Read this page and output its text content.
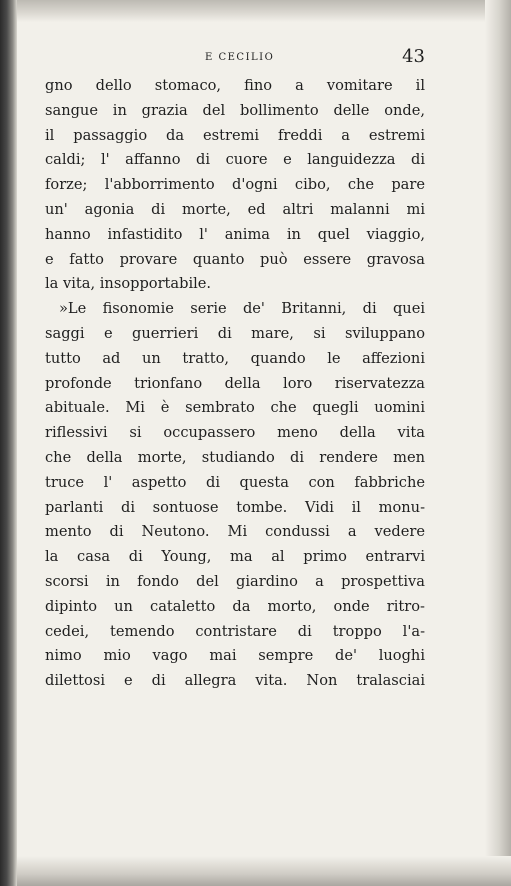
E CECILIO	43
gno dello stomaco, fino a vomitare il
sangue in grazia del bollimento delle onde,
il passaggio da estremi freddi a estremi
caldi; l' affanno di cuore e languidezza di
forze; l'abborrimento d'ogni cibo, che pare
un' agonia di morte, ed altri malanni mi
hanno infastidito l' anima in quel viaggio,
e fatto provare quanto può essere gravosa
la vita, insopportabile.
»Le fisonomie serie de' Britanni, di quei
saggi e guerrieri di mare, si sviluppano
tutto ad un tratto, quando le affezioni
profonde trionfano della loro riservatezza
abituale. Mi è sembrato che quegli uomini
riflessivi si occupassero meno della vita
che della morte, studiando di rendere men
truce l' aspetto di questa con fabbriche
parlanti di sontuose tombe. Vidi il monu-
mento di Neutono. Mi condussi a vedere
la casa di Young, ma al primo entrarvi
scorsi in fondo del giardino a prospettiva
dipinto un cataletto da morto, onde ritro-
cedei, temendo contristare di troppo l'a-
nimo mio vago mai sempre de' luoghi
dilettosi e di allegra vita. Non tralasciai
